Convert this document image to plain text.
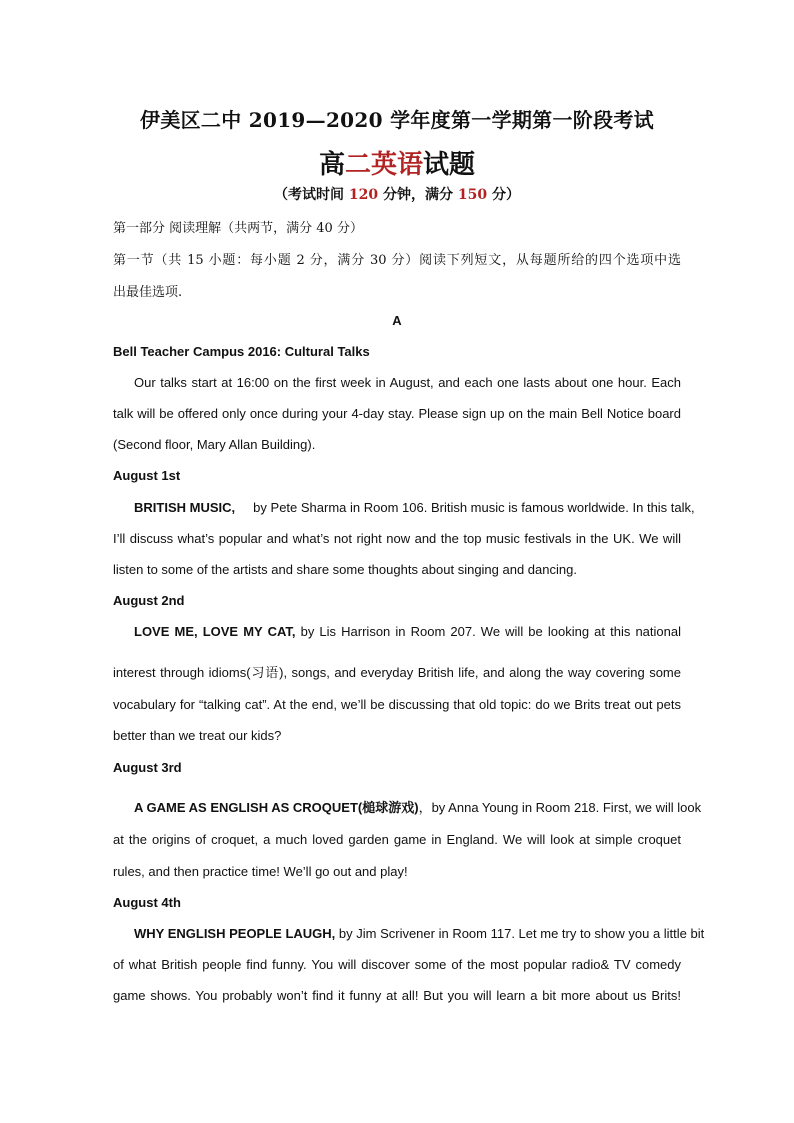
伊美区二中 2019—2020 学年度第一学期第一阶段考试
高二英语试题
（考试时间 120 分钟，满分 150 分）
第一部分 阅读理解（共两节，满分 40 分）
第一节（共 15 小题：每小题 2 分，满分 30 分）阅读下列短文，从每题所给的四个选项中选
出最佳选项.
A
Bell Teacher Campus 2016: Cultural Talks
Our talks start at 16:00 on the first week in August, and each one lasts about one hour. Each
talk will be offered only once during your 4-day stay. Please sign up on the main Bell Notice board
(Second floor, Mary Allan Building).
August 1st
BRITISH MUSIC,     by Pete Sharma in Room 106. British music is famous worldwide. In this talk,
I’ll discuss what’s popular and what’s not right now and the top music festivals in the UK. We will
listen to some of the artists and share some thoughts about singing and dancing.
August 2nd
LOVE ME, LOVE MY CAT, by Lis Harrison in Room 207. We will be looking at this national
interest through idioms(习语), songs, and everyday British life, and along the way covering some
vocabulary for “talking cat”. At the end, we’ll be discussing that old topic: do we Brits treat out pets
better than we treat our kids?
August 3rd
A GAME AS ENGLISH AS CROQUET(槌球游戏)，by Anna Young in Room 218. First, we will look
at the origins of croquet, a much loved garden game in England. We will look at simple croquet
rules, and then practice time! We’ll go out and play!
August 4th
WHY ENGLISH PEOPLE LAUGH, by Jim Scrivener in Room 117. Let me try to show you a little bit
of what British people find funny. You will discover some of the most popular radio& TV comedy
game shows. You probably won’t find it funny at all! But you will learn a bit more about us Brits!
